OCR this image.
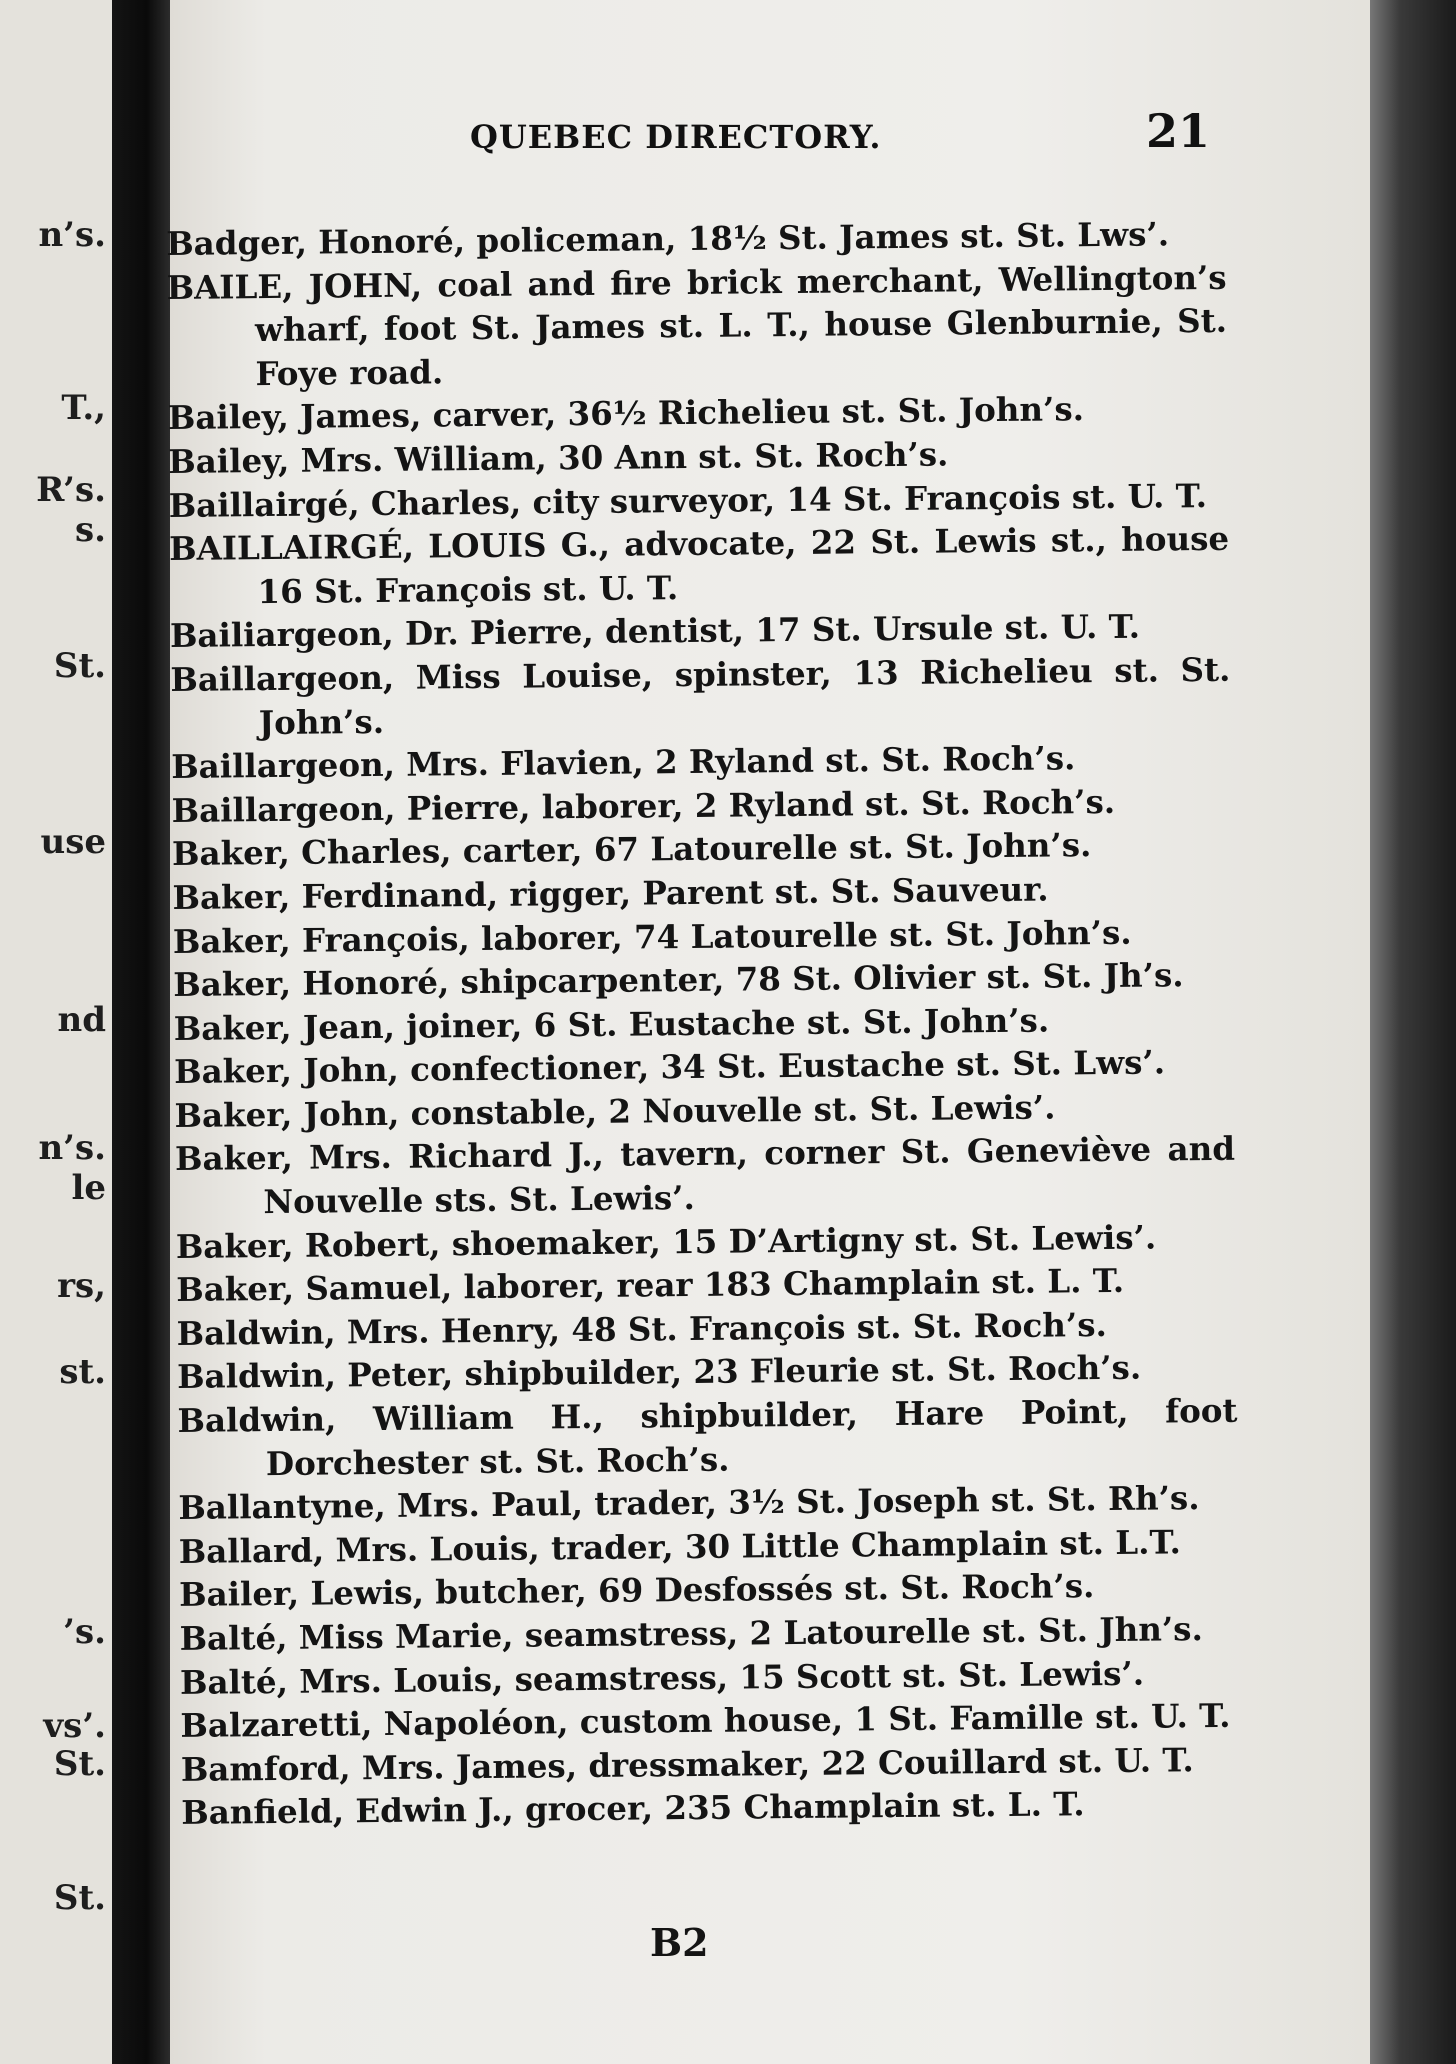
n’s.
T.,
R’s.
s.
St.
use
nd
n’s.
le
rs,
st.
’s.
vs’.
St.
St.
QUEBEC DIRECTORY.	21
Badger, Honoré, policeman, 18½ St. James st. St. Lws’.
BAILE, JOHN, coal and fire brick merchant, Wellington’s wharf, foot St. James st. L. T., house Glenburnie, St. Foye road.
Bailey, James, carver, 36½ Richelieu st. St. John’s.
Bailey, Mrs. William, 30 Ann st. St. Roch’s.
Baillairgé, Charles, city surveyor, 14 St. François st. U. T.
BAILLAIRGÉ, LOUIS G., advocate, 22 St. Lewis st., house 16 St. François st. U. T.
Bailiargeon, Dr. Pierre, dentist, 17 St. Ursule st. U. T.
Baillargeon, Miss Louise, spinster, 13 Richelieu st. St. John’s.
Baillargeon, Mrs. Flavien, 2 Ryland st. St. Roch’s.
Baillargeon, Pierre, laborer, 2 Ryland st. St. Roch’s.
Baker, Charles, carter, 67 Latourelle st. St. John’s.
Baker, Ferdinand, rigger, Parent st. St. Sauveur.
Baker, François, laborer, 74 Latourelle st. St. John’s.
Baker, Honoré, shipcarpenter, 78 St. Olivier st. St. Jh’s.
Baker, Jean, joiner, 6 St. Eustache st. St. John’s.
Baker, John, confectioner, 34 St. Eustache st. St. Lws’.
Baker, John, constable, 2 Nouvelle st. St. Lewis’.
Baker, Mrs. Richard J., tavern, corner St. Geneviève and Nouvelle sts. St. Lewis’.
Baker, Robert, shoemaker, 15 D’Artigny st. St. Lewis’.
Baker, Samuel, laborer, rear 183 Champlain st. L. T.
Baldwin, Mrs. Henry, 48 St. François st. St. Roch’s.
Baldwin, Peter, shipbuilder, 23 Fleurie st. St. Roch’s.
Baldwin, William H., shipbuilder, Hare Point, foot Dorchester st. St. Roch’s.
Ballantyne, Mrs. Paul, trader, 3½ St. Joseph st. St. Rh’s.
Ballard, Mrs. Louis, trader, 30 Little Champlain st. L.T.
Bailer, Lewis, butcher, 69 Desfossés st. St. Roch’s.
Balté, Miss Marie, seamstress, 2 Latourelle st. St. Jhn’s.
Balté, Mrs. Louis, seamstress, 15 Scott st. St. Lewis’.
Balzaretti, Napoléon, custom house, 1 St. Famille st. U. T.
Bamford, Mrs. James, dressmaker, 22 Couillard st. U. T.
Banfield, Edwin J., grocer, 235 Champlain st. L. T.
B2
